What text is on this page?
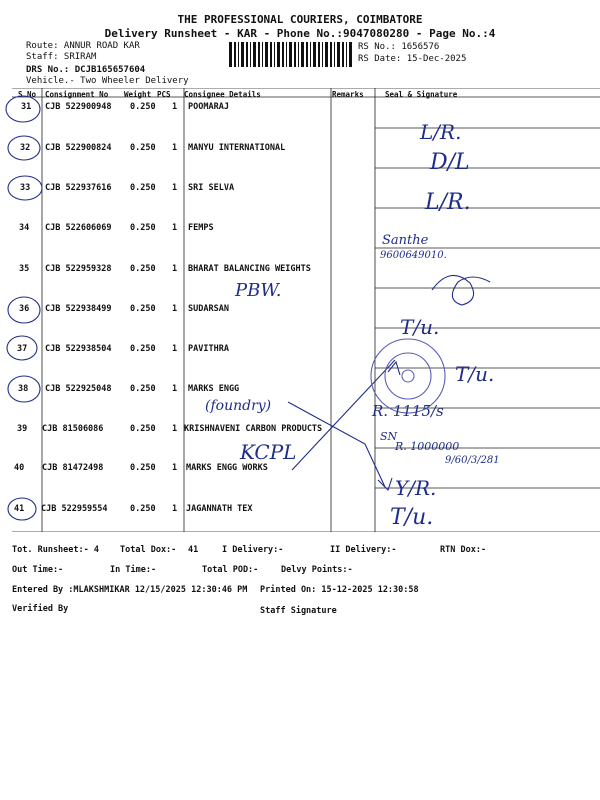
THE PROFESSIONAL COURIERS, COIMBATORE
Delivery Runsheet - KAR - Phone No.:9047080280 - Page No.:4
Route: ANNUR ROAD KAR
Staff: SRIRAM
DRS No.: DCJB165657604
Vehicle.- Two Wheeler Delivery
RS No.: 1656576
RS Date: 15-Dec-2025
S No Consignment No Weight PCS Consignee Details	Remarks	Seal & Signature
31 CJB 522900948 0.250 1 POOMARAJ
32 CJB 522900824 0.250 1 MANYU INTERNATIONAL
33 CJB 522937616 0.250 1 SRI SELVA
34 CJB 522606069 0.250 1 FEMPS
35 CJB 522959328 0.250 1 BHARAT BALANCING WEIGHTS
36 CJB 522938499 0.250 1 SUDARSAN
37 CJB 522938504 0.250 1 PAVITHRA
38 CJB 522925048 0.250 1 MARKS ENGG
39 CJB 81506086	0.250 1 KRISHNAVENI CARBON PRODUCTS
40 CJB 81472498	0.250 1 MARKS ENGG WORKS
41 CJB 522959554	0.250 1 JAGANNATH TEX
L/R.
D/L
L/R.
Santhe
9600649010.
PBW.
T/u.
T/u.
(foundry)	R. 1115/s
SN
R. 1000000
9/60/3/281
KCPL
Y/R.
T/u.
Tot. Runsheet:- 4 Total Dox:- 41	I Delivery:-	II Delivery:-	RTN Dox:-
Out Time:-	In Time:-	Total POD:-	Delvy Points:-
Entered By :MLAKSHMIKAR 12/15/2025 12:30:46 PM Printed On: 15-12-2025 12:30:58
Verified By	Staff Signature
